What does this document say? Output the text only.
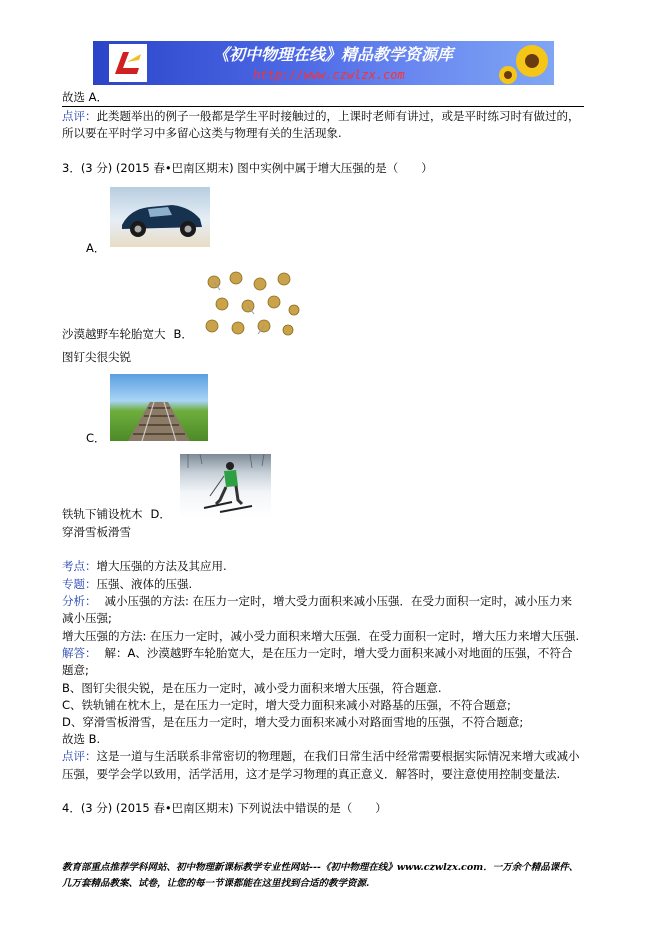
《初中物理在线》精品教学资源库
http://www.czwlzx.com
故选 A．
点评：此类题举出的例子一般都是学生平时接触过的，上课时老师有讲过，或是平时练习时有做过的，
所以要在平时学习中多留心这类与物理有关的生活现象.
3．(3 分) (2015 春•巴南区期末) 图中实例中属于增大压强的是（　　）
A．
沙漠越野车轮胎宽大 B．
图钉尖很尖锐
C．
铁轨下铺设枕木 D．
穿滑雪板滑雪
考点：增大压强的方法及其应用.
专题：压强、液体的压强.
分析： 减小压强的方法: 在压力一定时，增大受力面积来减小压强．在受力面积一定时，减小压力来
减小压强;
增大压强的方法: 在压力一定时，减小受力面积来增大压强．在受力面积一定时，增大压力来增大压强.
解答： 解：A、沙漠越野车轮胎宽大，是在压力一定时，增大受力面积来减小对地面的压强，不符合
题意;
B、图钉尖很尖锐，是在压力一定时，减小受力面积来增大压强，符合题意.
C、铁轨铺在枕木上，是在压力一定时，增大受力面积来减小对路基的压强，不符合题意;
D、穿滑雪板滑雪，是在压力一定时，增大受力面积来减小对路面雪地的压强，不符合题意;
故选 B.
点评：这是一道与生活联系非常密切的物理题，在我们日常生活中经常需要根据实际情况来增大或减小
压强，要学会学以致用，活学活用，这才是学习物理的真正意义．解答时，要注意使用控制变量法.
4．(3 分) (2015 春•巴南区期末) 下列说法中错误的是（　　）
教育部重点推荐学科网站、初中物理新课标教学专业性网站---《初中物理在线》www.czwlzx.com．一万余个精品课件、
几万套精品教案、试卷，让您的每一节课都能在这里找到合适的教学资源.
